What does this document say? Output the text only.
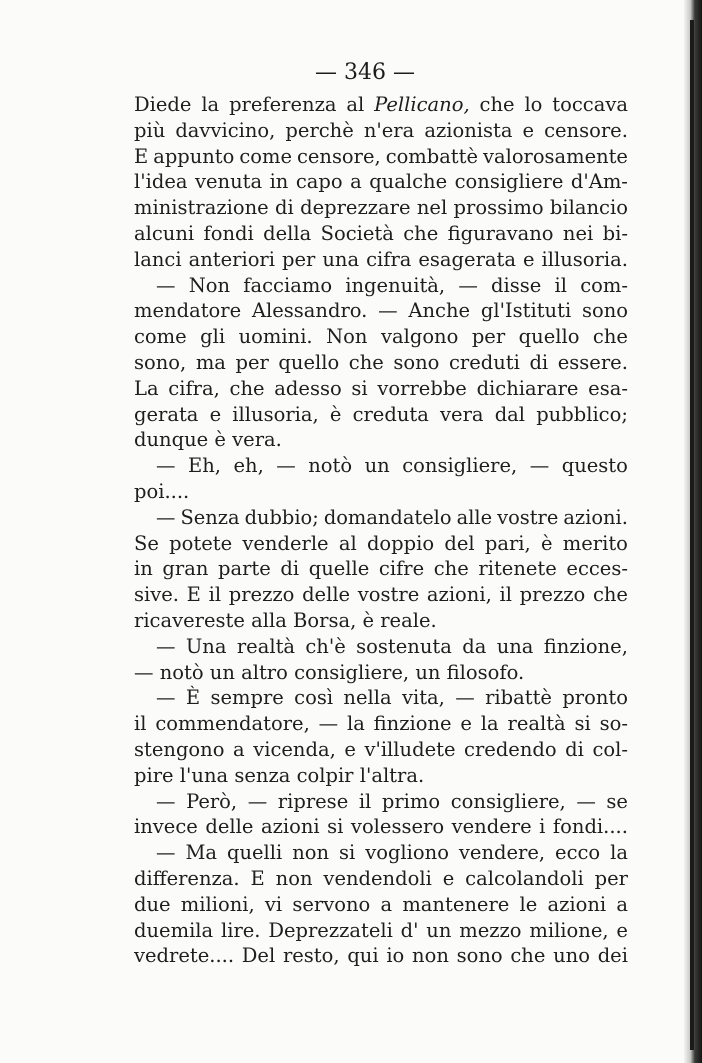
— 346 —
Diede la preferenza al Pellicano, che lo toccava
più davvicino, perchè n'era azionista e censore.
E appunto come censore, combattè valorosamente
l'idea venuta in capo a qualche consigliere d'Am-
ministrazione di deprezzare nel prossimo bilancio
alcuni fondi della Società che figuravano nei bi-
lanci anteriori per una cifra esagerata e illusoria.
— Non facciamo ingenuità, — disse il com-
mendatore Alessandro. — Anche gl'Istituti sono
come gli uomini. Non valgono per quello che
sono, ma per quello che sono creduti di essere.
La cifra, che adesso si vorrebbe dichiarare esa-
gerata e illusoria, è creduta vera dal pubblico;
dunque
è
vera.
— Eh, eh, — notò un consigliere, — questo
poi....
— Senza dubbio; domandatelo alle vostre azioni.
Se potete venderle al doppio del pari, è merito
in gran parte di quelle cifre che ritenete ecces-
sive. E il prezzo delle vostre azioni, il prezzo che
ricavereste
alla
Borsa,
è
reale.
— Una realtà ch'è sostenuta da una finzione,
—
notò
un
altro
consigliere,
un
filosofo.
— È sempre così nella vita, — ribattè pronto
il commendatore, — la finzione e la realtà si so-
stengono a vicenda, e v'illudete credendo di col-
pire
l'una
senza
colpir
l'altra.
— Però, — riprese il primo consigliere, — se
invece delle azioni si volessero vendere i fondi....
— Ma quelli non si vogliono vendere, ecco la
differenza. E non vendendoli e calcolandoli per
due milioni, vi servono a mantenere le azioni a
duemila lire. Deprezzateli d' un mezzo milione, e
vedrete.... Del resto, qui io non sono che uno dei
